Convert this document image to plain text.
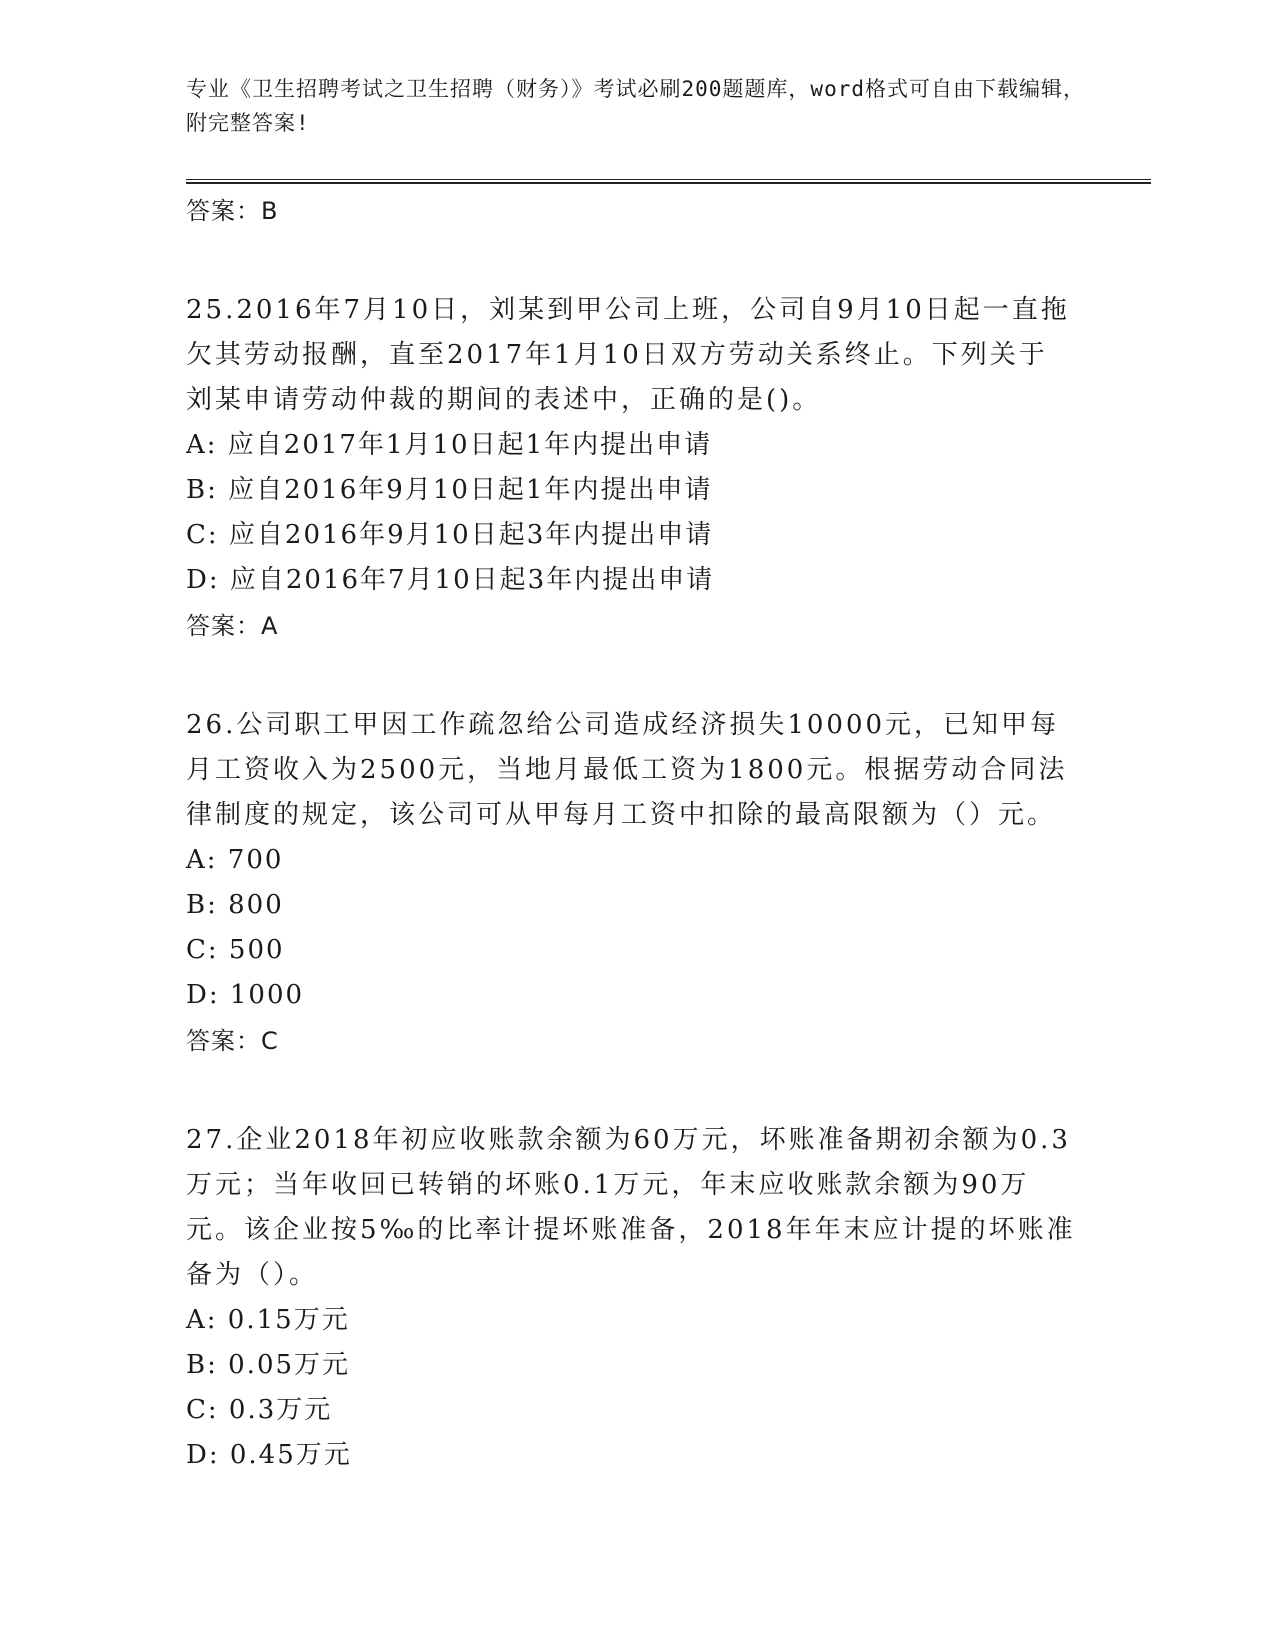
专业《卫生招聘考试之卫生招聘（财务）》考试必刷200题题库，word格式可自由下载编辑，附完整答案!
答案：B
25.2016年7月10日，刘某到甲公司上班，公司自9月10日起一直拖欠其劳动报酬，直至2017年1月10日双方劳动关系终止。下列关于刘某申请劳动仲裁的期间的表述中，正确的是()。
A: 应自2017年1月10日起1年内提出申请
B: 应自2016年9月10日起1年内提出申请
C: 应自2016年9月10日起3年内提出申请
D: 应自2016年7月10日起3年内提出申请
答案：A
26.公司职工甲因工作疏忽给公司造成经济损失10000元，已知甲每月工资收入为2500元，当地月最低工资为1800元。根据劳动合同法律制度的规定，该公司可从甲每月工资中扣除的最高限额为（）元。
A: 700
B: 800
C: 500
D: 1000
答案：C
27.企业2018年初应收账款余额为60万元，坏账准备期初余额为0.3万元；当年收回已转销的坏账0.1万元，年末应收账款余额为90万元。该企业按5‰的比率计提坏账准备，2018年年末应计提的坏账准备为（）。
A: 0.15万元
B: 0.05万元
C: 0.3万元
D: 0.45万元
